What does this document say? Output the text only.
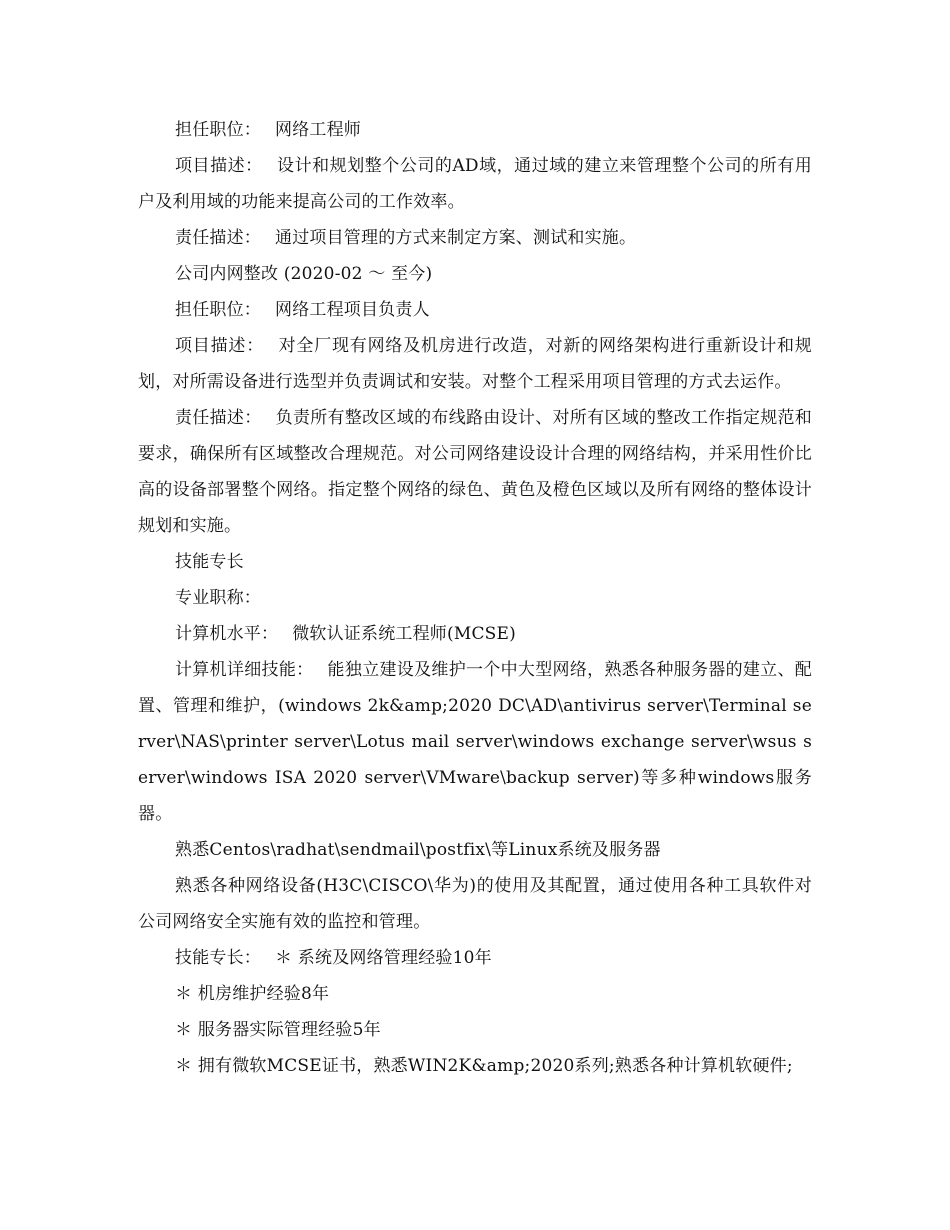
担任职位： 网络工程师

项目描述： 设计和规划整个公司的AD域，通过域的建立来管理整个公司的所有用户及利用域的功能来提高公司的工作效率。

责任描述： 通过项目管理的方式来制定方案、测试和实施。

公司内网整改 (2020-02 ～ 至今)

担任职位： 网络工程项目负责人

项目描述： 对全厂现有网络及机房进行改造，对新的网络架构进行重新设计和规划，对所需设备进行选型并负责调试和安装。对整个工程采用项目管理的方式去运作。

责任描述： 负责所有整改区域的布线路由设计、对所有区域的整改工作指定规范和要求，确保所有区域整改合理规范。对公司网络建设设计合理的网络结构，并采用性价比高的设备部署整个网络。指定整个网络的绿色、黄色及橙色区域以及所有网络的整体设计规划和实施。

技能专长

专业职称：

计算机水平： 微软认证系统工程师(MCSE)

计算机详细技能： 能独立建设及维护一个中大型网络，熟悉各种服务器的建立、配置、管理和维护，(windows 2k&amp;2020 DC\AD\antivirus server\Terminal server\NAS\printer server\Lotus mail server\windows exchange server\wsus server\windows ISA 2020 server\VMware\backup server)等多种windows服务器。

熟悉Centos\radhat\sendmail\postfix\等Linux系统及服务器

熟悉各种网络设备(H3C\CISCO\华为)的使用及其配置，通过使用各种工具软件对公司网络安全实施有效的监控和管理。

技能专长： ＊ 系统及网络管理经验10年

＊ 机房维护经验8年

＊ 服务器实际管理经验5年

＊ 拥有微软MCSE证书，熟悉WIN2K&amp;2020系列;熟悉各种计算机软硬件;
